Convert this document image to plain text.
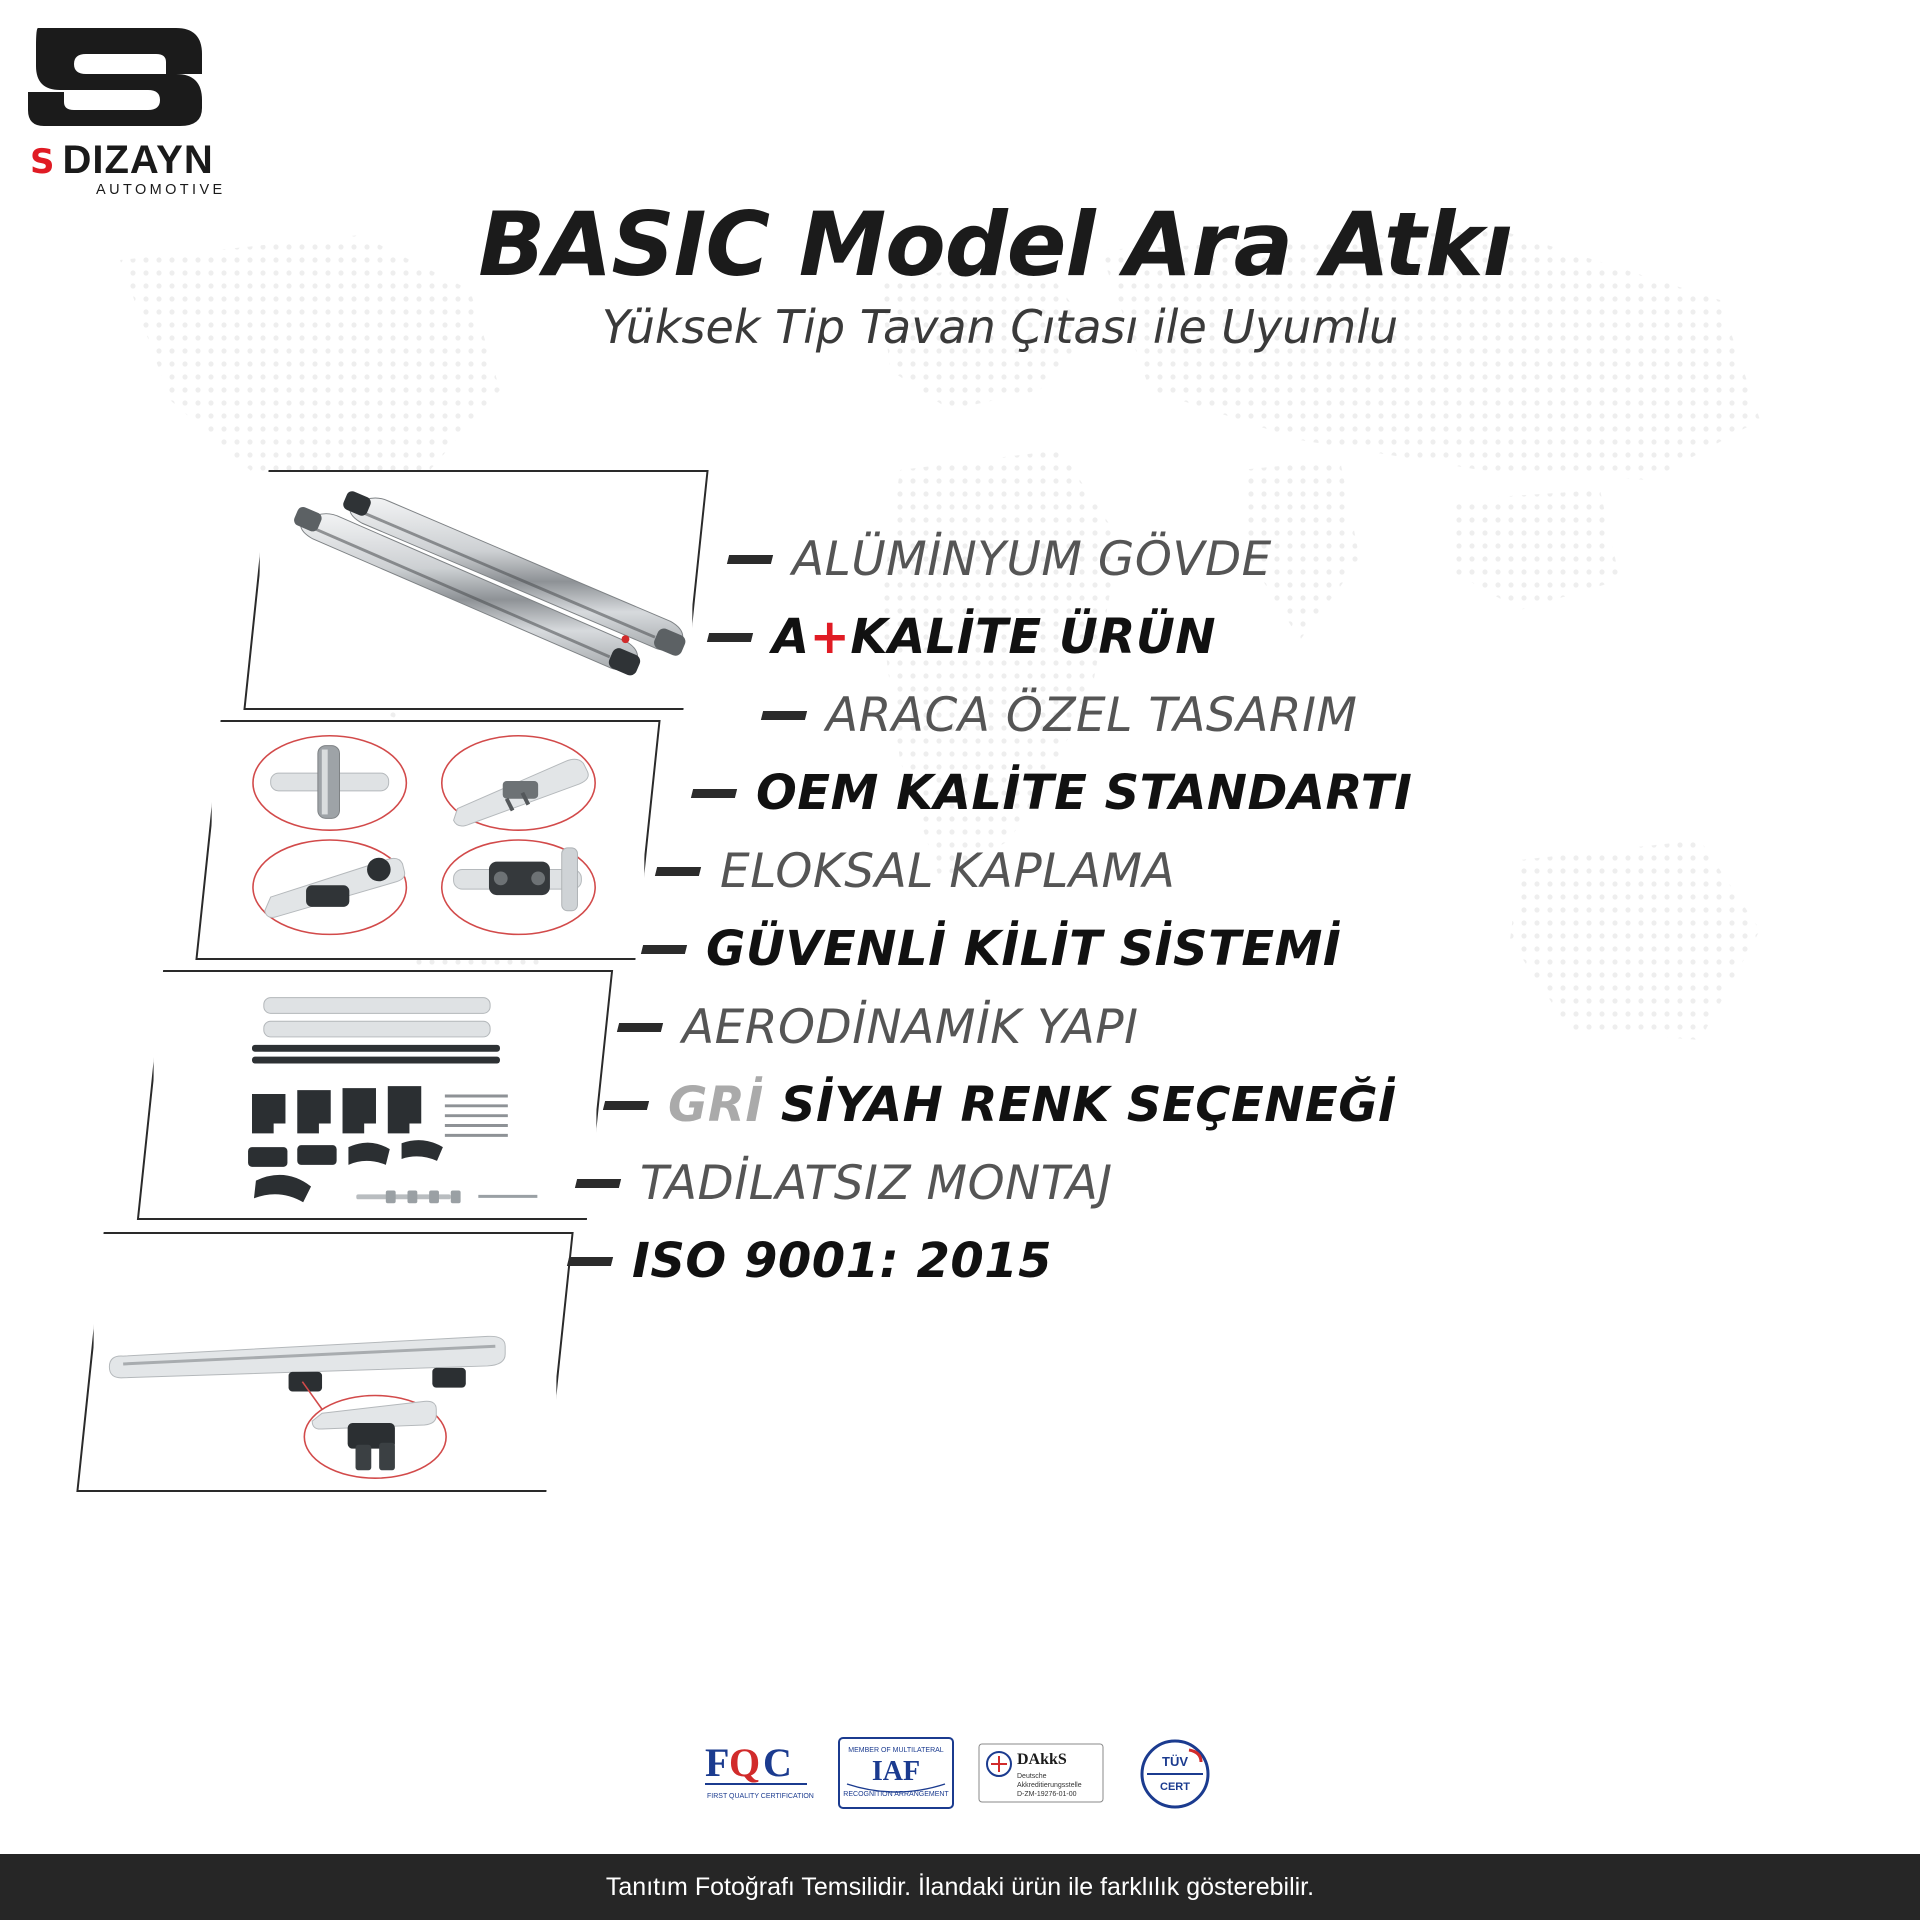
S DIZAYN
AUTOMOTIVE
BASIC Model Ara Atkı
Yüksek Tip Tavan Çıtası ile Uyumlu
ALÜMİNYUM GÖVDE
A+KALİTE ÜRÜN
ARACA ÖZEL TASARIM
OEM KALİTE STANDARTI
ELOKSAL KAPLAMA
GÜVENLİ KİLİT SİSTEMİ
AERODİNAMİK YAPI
GRİ SİYAH RENK SEÇENEĞİ
TADİLATSIZ MONTAJ
ISO 9001: 2015
F Q C
FIRST QUALITY CERTIFICATION
MEMBER OF MULTILATERAL
IAF
RECOGNITION ARRANGEMENT
DAkkS
Deutsche
Akkreditierungsstelle
D-ZM-19276-01-00
TÜV
CERT
Tanıtım Fotoğrafı Temsilidir. İlandaki ürün ile farklılık gösterebilir.
